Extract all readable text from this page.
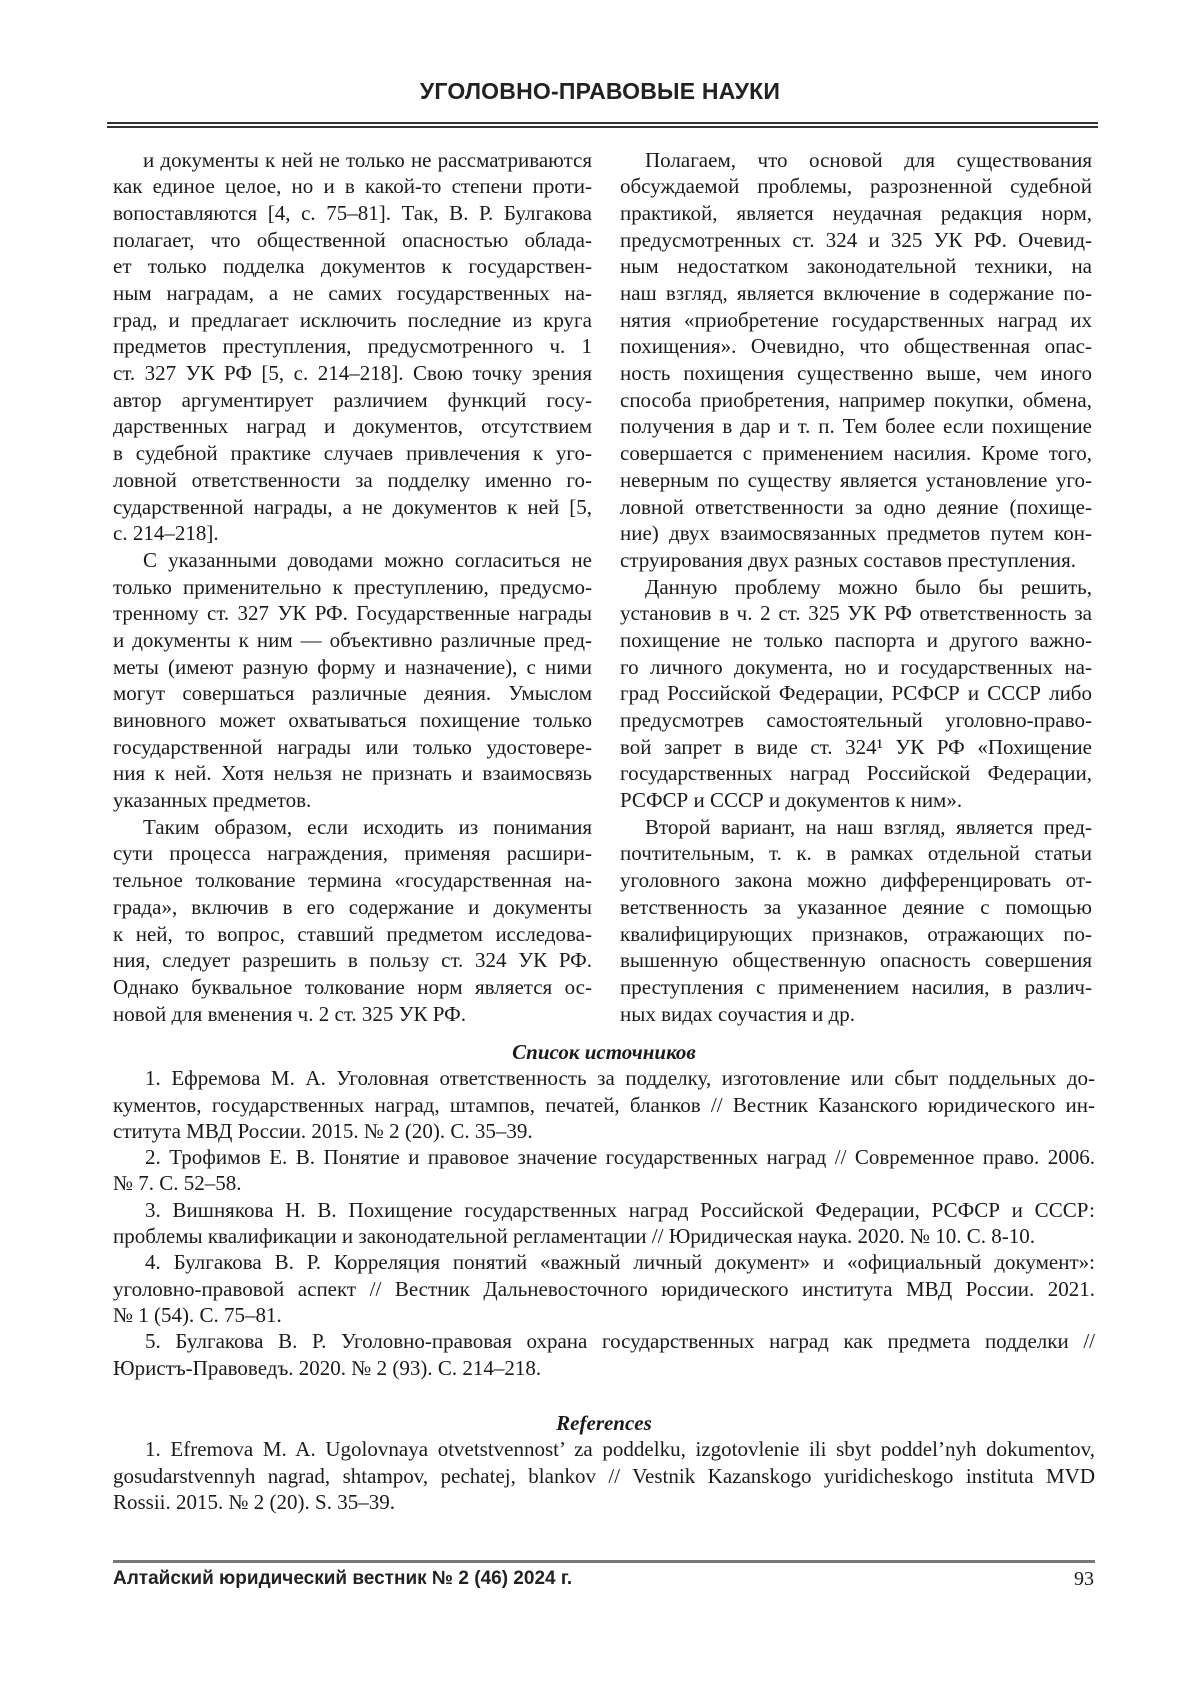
УГОЛОВНО-ПРАВОВЫЕ НАУКИ
и документы к ней не только не рассматриваются
как единое целое, но и в какой-то степени проти-
вопоставляются [4, с. 75–81]. Так, В. Р. Булгакова
полагает, что общественной опасностью облада-
ет только подделка документов к государствен-
ным наградам, а не самих государственных на-
град, и предлагает исключить последние из круга
предметов преступления, предусмотренного ч. 1
ст. 327 УК РФ [5, с. 214–218]. Свою точку зрения
автор аргументирует различием функций госу-
дарственных наград и документов, отсутствием
в судебной практике случаев привлечения к уго-
ловной ответственности за подделку именно го-
сударственной награды, а не документов к ней [5,
с. 214–218].
С указанными доводами можно согласиться не
только применительно к преступлению, предусмо-
тренному ст. 327 УК РФ. Государственные награды
и документы к ним — объективно различные пред-
меты (имеют разную форму и назначение), с ними
могут совершаться различные деяния. Умыслом
виновного может охватываться похищение только
государственной награды или только удостовере-
ния к ней. Хотя нельзя не признать и взаимосвязь
указанных предметов.
Таким образом, если исходить из понимания
сути процесса награждения, применяя расшири-
тельное толкование термина «государственная на-
града», включив в его содержание и документы
к ней, то вопрос, ставший предметом исследова-
ния, следует разрешить в пользу ст. 324 УК РФ.
Однако буквальное толкование норм является ос-
новой для вменения ч. 2 ст. 325 УК РФ.
Полагаем, что основой для существования
обсуждаемой проблемы, разрозненной судебной
практикой, является неудачная редакция норм,
предусмотренных ст. 324 и 325 УК РФ. Очевид-
ным недостатком законодательной техники, на
наш взгляд, является включение в содержание по-
нятия «приобретение государственных наград их
похищения». Очевидно, что общественная опас-
ность похищения существенно выше, чем иного
способа приобретения, например покупки, обмена,
получения в дар и т. п. Тем более если похищение
совершается с применением насилия. Кроме того,
неверным по существу является установление уго-
ловной ответственности за одно деяние (похище-
ние) двух взаимосвязанных предметов путем кон-
струирования двух разных составов преступления.
Данную проблему можно было бы решить,
установив в ч. 2 ст. 325 УК РФ ответственность за
похищение не только паспорта и другого важно-
го личного документа, но и государственных на-
град Российской Федерации, РСФСР и СССР либо
предусмотрев самостоятельный уголовно-право-
вой запрет в виде ст. 324¹ УК РФ «Похищение
государственных наград Российской Федерации,
РСФСР и СССР и документов к ним».
Второй вариант, на наш взгляд, является пред-
почтительным, т. к. в рамках отдельной статьи
уголовного закона можно дифференцировать от-
ветственность за указанное деяние с помощью
квалифицирующих признаков, отражающих по-
вышенную общественную опасность совершения
преступления с применением насилия, в различ-
ных видах соучастия и др.
Список источников
1. Ефремова М. А. Уголовная ответственность за подделку, изготовление или сбыт поддельных до-
кументов, государственных наград, штампов, печатей, бланков // Вестник Казанского юридического ин-
ститута МВД России. 2015. № 2 (20). С. 35–39.
2. Трофимов Е. В. Понятие и правовое значение государственных наград // Современное право. 2006.
№ 7. С. 52–58.
3. Вишнякова Н. В. Похищение государственных наград Российской Федерации, РСФСР и СССР:
проблемы квалификации и законодательной регламентации // Юридическая наука. 2020. № 10. С. 8-10.
4. Булгакова В. Р. Корреляция понятий «важный личный документ» и «официальный документ»:
уголовно-правовой аспект // Вестник Дальневосточного юридического института МВД России. 2021.
№ 1 (54). С. 75–81.
5. Булгакова В. Р. Уголовно-правовая охрана государственных наград как предмета подделки //
Юристъ-Правоведъ. 2020. № 2 (93). С. 214–218.
References
1. Efremova M. A. Ugolovnaya otvetstvennost’ za poddelku, izgotovlenie ili sbyt poddel’nyh dokumentov,
gosudarstvennyh nagrad, shtampov, pechatej, blankov // Vestnik Kazanskogo yuridicheskogo instituta MVD
Rossii. 2015. № 2 (20). S. 35–39.
Алтайский юридический вестник № 2 (46) 2024 г.	93
